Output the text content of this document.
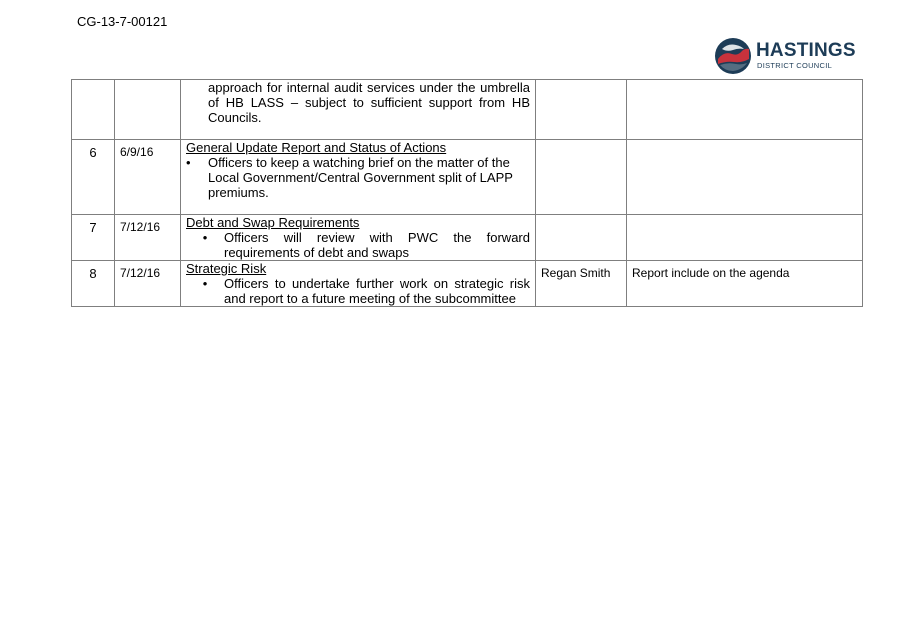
CG-13-7-00121
HASTINGS
DISTRICT COUNCIL

		approach for internal audit services under the umbrella
of HB LASS – subject to sufficient support from HB
Councils.		

6	6/9/16	General Update Report and Status of Actions
• Officers to keep a watching brief on the matter of the Local Government/Central Government split of LAPP premiums.		

7	7/12/16	Debt and Swap Requirements
• Officers will review with PWC the forward requirements of debt and swaps		

8	7/12/16	Strategic Risk
• Officers to undertake further work on strategic risk and report to a future meeting of the subcommittee	Regan Smith	Report include on the agenda
